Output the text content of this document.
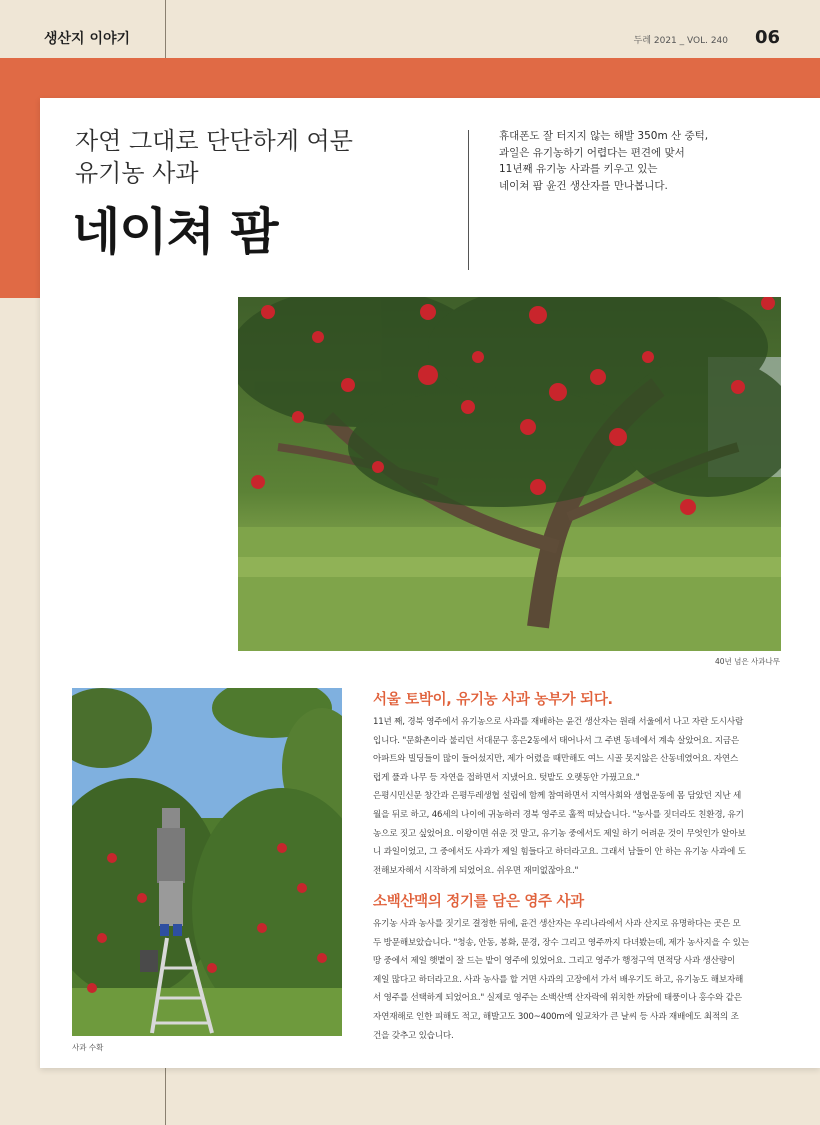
생산지 이야기	두레 2021 _ VOL. 240 06
자연 그대로 단단하게 여문
유기농 사과
네이쳐 팜

휴대폰도 잘 터지지 않는 해발 350m 산 중턱,

과일은 유기농하기 어렵다는 편견에 맞서

11년째 유기농 사과를 키우고 있는

네이쳐 팜 윤건 생산자를 만나봅니다.

40년 넘은 사과나무
사과 수확
서울 토박이, 유기농 사과 농부가 되다.
11년 째, 경북 영주에서 유기농으로 사과를 재배하는 윤건 생산자는 원래 서울에서 나고 자란 도시사람
입니다. "문화촌이라 불리던 서대문구 홍은2동에서 태어나서 그 주변 동네에서 계속 살았어요. 지금은
아파트와 빌딩들이 많이 들어섰지만, 제가 어렸을 때만해도 여느 시골 못지않은 산동네였어요. 자연스
럽게 풀과 나무 등 자연을 접하면서 지냈어요. 텃밭도 오랫동안 가꿨고요."
은평시민신문 창간과 은평두레생협 설립에 함께 참여하면서 지역사회와 생협운동에 몸 담았던 지난 세
월을 뒤로 하고, 46세의 나이에 귀농하러 경북 영주로 훌쩍 떠났습니다. "농사를 짓더라도 친환경, 유기
농으로 짓고 싶었어요. 이왕이면 쉬운 것 말고, 유기농 중에서도 제일 하기 어려운 것이 무엇인가 알아보
니 과일이었고, 그 중에서도 사과가 제일 힘들다고 하더라고요. 그래서 남들이 안 하는 유기농 사과에 도
전해보자해서 시작하게 되었어요. 쉬우면 재미없잖아요."
소백산맥의 정기를 담은 영주 사과
유기농 사과 농사를 짓기로 결정한 뒤에, 윤건 생산자는 우리나라에서 사과 산지로 유명하다는 곳은 모
두 방문해보았습니다. "청송, 안동, 봉화, 문경, 장수 그리고 영주까지 다녀봤는데, 제가 농사지을 수 있는
땅 중에서 제일 햇볕이 잘 드는 밭이 영주에 있었어요. 그리고 영주가 행정구역 면적당 사과 생산량이
제일 많다고 하더라고요. 사과 농사를 할 거면 사과의 고장에서 가서 배우기도 하고, 유기농도 해보자해
서 영주를 선택하게 되었어요." 실제로 영주는 소백산맥 산자락에 위치한 까닭에 태풍이나 홍수와 같은
자연재해로 인한 피해도 적고, 해발고도 300~400m에 일교차가 큰 날씨 등 사과 재배에도 최적의 조
건을 갖추고 있습니다.
